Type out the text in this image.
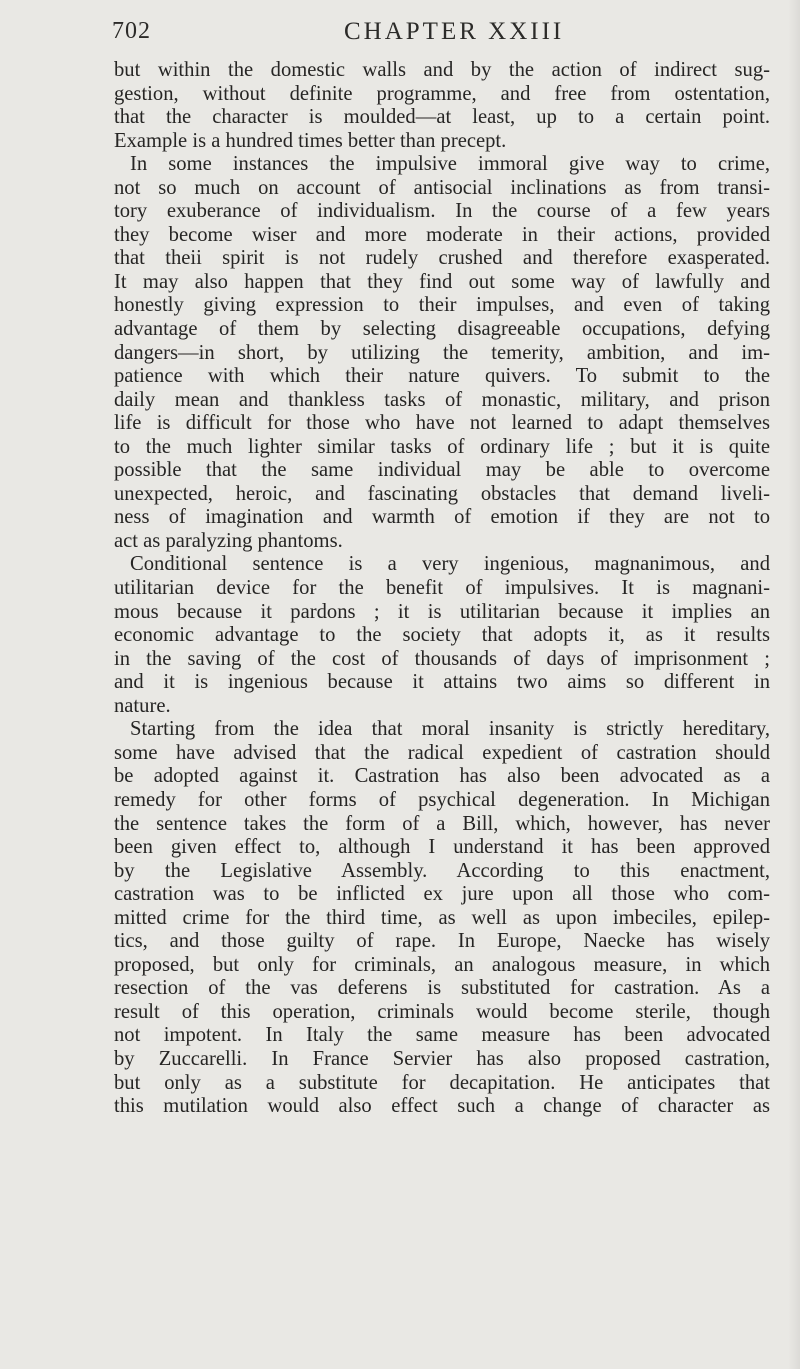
702	CHAPTER XXIII
but within the domestic walls and by the action of indirect sug-
gestion, without definite programme, and free from ostentation,
that the character is moulded—at least, up to a certain point.
Example is a hundred times better than precept.
In some instances the impulsive immoral give way to crime,
not so much on account of antisocial inclinations as from transi-
tory exuberance of individualism. In the course of a few years
they become wiser and more moderate in their actions, provided
that theii spirit is not rudely crushed and therefore exasperated.
It may also happen that they find out some way of lawfully and
honestly giving expression to their impulses, and even of taking
advantage of them by selecting disagreeable occupations, defying
dangers—in short, by utilizing the temerity, ambition, and im-
patience with which their nature quivers. To submit to the
daily mean and thankless tasks of monastic, military, and prison
life is difficult for those who have not learned to adapt themselves
to the much lighter similar tasks of ordinary life ; but it is quite
possible that the same individual may be able to overcome
unexpected, heroic, and fascinating obstacles that demand liveli-
ness of imagination and warmth of emotion if they are not to
act as paralyzing phantoms.
Conditional sentence is a very ingenious, magnanimous, and
utilitarian device for the benefit of impulsives. It is magnani-
mous because it pardons ; it is utilitarian because it implies an
economic advantage to the society that adopts it, as it results
in the saving of the cost of thousands of days of imprisonment ;
and it is ingenious because it attains two aims so different in
nature.
Starting from the idea that moral insanity is strictly hereditary,
some have advised that the radical expedient of castration should
be adopted against it. Castration has also been advocated as a
remedy for other forms of psychical degeneration. In Michigan
the sentence takes the form of a Bill, which, however, has never
been given effect to, although I understand it has been approved
by the Legislative Assembly. According to this enactment,
castration was to be inflicted ex jure upon all those who com-
mitted crime for the third time, as well as upon imbeciles, epilep-
tics, and those guilty of rape. In Europe, Naecke has wisely
proposed, but only for criminals, an analogous measure, in which
resection of the vas deferens is substituted for castration. As a
result of this operation, criminals would become sterile, though
not impotent. In Italy the same measure has been advocated
by Zuccarelli. In France Servier has also proposed castration,
but only as a substitute for decapitation. He anticipates that
this mutilation would also effect such a change of character as
